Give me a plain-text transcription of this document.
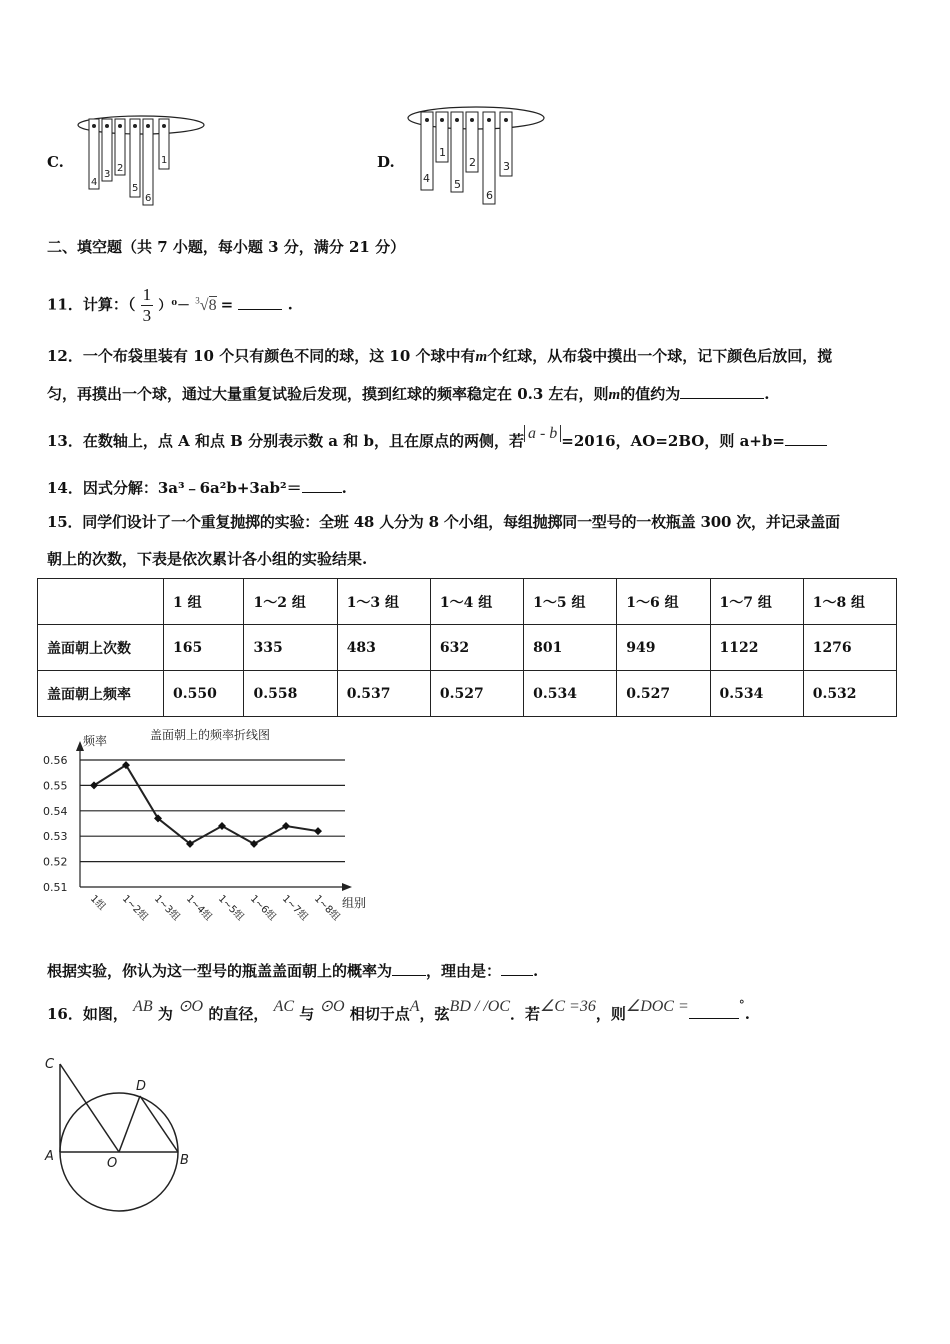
C.
4
3
2
5
6
1	D.
4
1
5
2
6
3
二、填空题（共 7 小题，每小题 3 分，满分 21 分）
11．计算：（ $\frac{1}{3} )^0- ^3√8$ =	.
12．一个布袋里装有 10 个只有颜色不同的球，这 10 个球中有m个红球，从布袋中摸出一个球，记下颜色后放回，搅
匀，再摸出一个球，通过大量重复试验后发现，摸到红球的频率稳定在 0.3 左右，则m的值约为	.
13．在数轴上，点 A 和点 B 分别表示数 a 和 b，且在原点的两侧，若 a - b =2016，AO=2BO，则 a+b=
14．因式分解：3a³﹣6a²b+3ab²＝	.
15．同学们设计了一个重复抛掷的实验：全班 48 人分为 8 个小组，每组抛掷同一型号的一枚瓶盖 300 次，并记录盖面
朝上的次数，下表是依次累计各小组的实验结果.
	1 组	1～2 组	1～3 组	1～4 组	1～5 组	1～6 组	1～7 组	1～8 组
盖面朝上次数	165	335	483	632	801	949	1122	1276
盖面朝上频率	0.550	0.558	0.537	0.527	0.534	0.527	0.534	0.532
盖面朝上的频率折线图
频率
组别
0.56
0.55
0.54
0.53
0.52
0.51
1组 1~2组 1~3组 1~4组 1~5组 1~6组 1~7组 1~8组
根据实验，你认为这一型号的瓶盖盖面朝上的概率为 ，理由是： .
16．如图， AB 为 ⊙O 的直径， AC 与 ⊙O 相切于点A，弦BD / /OC．若∠C =36，则∠DOC =	°.
C
D
A	O	B
